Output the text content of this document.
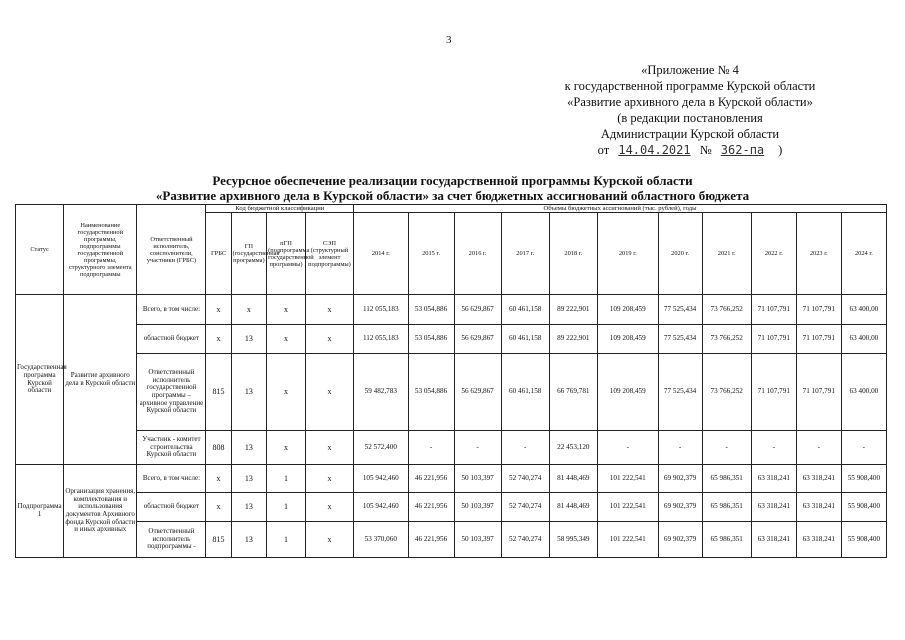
3
«Приложение № 4
к государственной программе Курской области
«Развитие архивного дела в Курской области»
(в редакции постановления
Администрации Курской области
от 14.04.2021 № 362-па )
Ресурсное обеспечение реализации государственной программы Курской области
«Развитие архивного дела в Курской области» за счет бюджетных ассигнований областного бюджета
Статус	Наименование государственной программы, подпрограммы государственной программы, структурного элемента подпрограммы	Ответственный исполнитель, соисполнители, участники (ГРБС)	Код бюджетной классификации				Объемы бюджетных ассигнований (тыс. рублей), годы										
			ГРБС	ГП (государственная программа)	пГП (подпрограмма государственной программы)	СЭП (структурный элемент подпрограммы)	2014 г.	2015 г.	2016 г.	2017 г.	2018 г.	2019 г.	2020 г.	2021 г.	2022 г.	2023 г.	2024 г.
Государственная программа Курской области	Развитие архивного дела в Курской области	Всего, в том числе:	x	x	x	x	112 055,183	53 054,886	56 629,867	60 461,158	89 222,901	109 208,459	77 525,434	73 766,252	71 107,791	71 107,791	63 400,00
		областной бюджет	x	13	x	x	112 055,183	53 054,886	56 629,867	60 461,158	89 222,901	109 208,459	77 525,434	73 766,252	71 107,791	71 107,791	63 400,00
		Ответственный исполнитель государственной программы – архивное управление Курской области	815	13	x	x	59 482,783	53 054,886	56 629,867	60 461,158	66 769,781	109 208,459	77 525,434	73 766,252	71 107,791	71 107,791	63 400,00
		Участник - комитет строительства Курской области	808	13	x	x	52 572,400	-	-	-	22 453,120	-	-	-	-	-	-
Подпрограмма 1	Организация хранения, комплектования и использования документов Архивного фонда Курской области и иных архивных	Всего, в том числе:	x	13	1	x	105 942,460	46 221,956	50 103,397	52 740,274	81 448,469	101 222,541	69 902,379	65 986,351	63 318,241	63 318,241	55 908,400
		областной бюджет	x	13	1	x	105 942,460	46 221,956	50 103,397	52 740,274	81 448,469	101 222,541	69 902,379	65 986,351	63 318,241	63 318,241	55 908,400
		Ответственный исполнитель подпрограммы -	815	13	1	x	53 370,060	46 221,956	50 103,397	52 740,274	58 995,349	101 222,541	69 902,379	65 986,351	63 318,241	63 318,241	55 908,400
